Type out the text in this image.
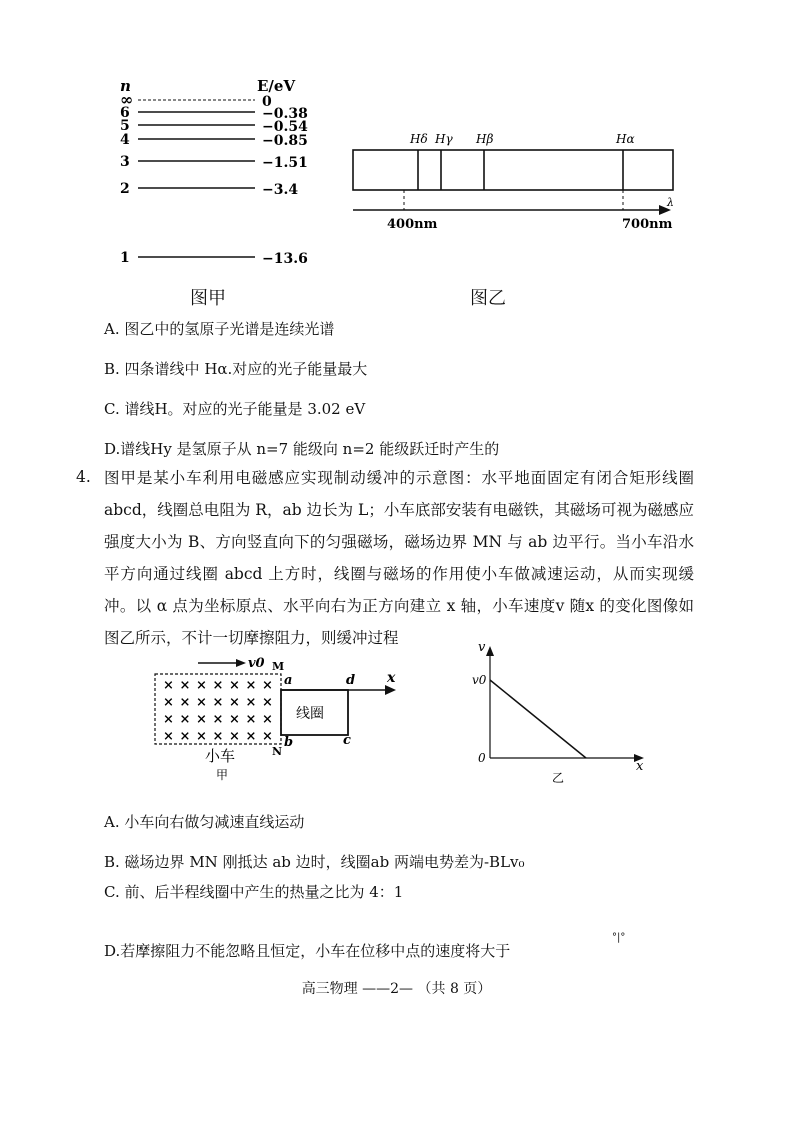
n	E/eV
∞	0
6	−0.38
5	−0.54
4	−0.85
3	−1.51
2	−3.4
1	−13.6
图甲
Hδ Hγ Hβ	Hα
λ
400nm	700nm
图乙
A. 图乙中的氢原子光谱是连续光谱
B. 四条谱线中 Hα.对应的光子能量最大
C. 谱线H。对应的光子能量是 3.02 eV
D.谱线Hy 是氢原子从 n=7 能级向 n=2 能级跃迁时产生的
4. 图甲是某小车利用电磁感应实现制动缓冲的示意图：水平地面固定有闭合矩形线圈abcd，线圈总电阻为 R，ab 边长为 L；小车底部安装有电磁铁，其磁场可视为磁感应强度大小为 B、方向竖直向下的匀强磁场，磁场边界 MN 与 ab 边平行。当小车沿水平方向通过线圈 abcd 上方时，线圈与磁场的作用使小车做减速运动，从而实现缓冲。以 α 点为坐标原点、水平向右为正方向建立 x 轴，小车速度v 随x 的变化图像如图乙所示，不计一切摩擦阻力，则缓冲过程
v0 M
× × × × × × ×
× × × × × × ×
× × × × × × ×
× × × × × × ×
线圈
x
a	d
b	c
N
小车
甲
v
x
v0
0
乙
A. 小车向右做匀减速直线运动
B. 磁场边界 MN 刚抵达 ab 边时，线圈ab 两端电势差为-BLv₀
C. 前、后半程线圈中产生的热量之比为 4：1
D.若摩擦阻力不能忽略且恒定，小车在位移中点的速度将大于
°|°
高三物理 ——2— （共 8 页）
